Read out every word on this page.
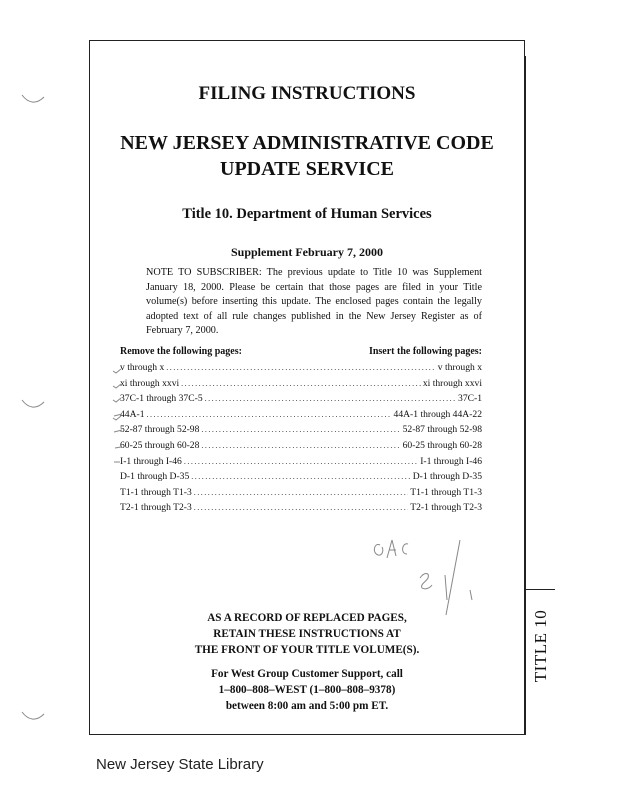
TITLE 10
FILING INSTRUCTIONS
NEW JERSEY ADMINISTRATIVE CODE
UPDATE SERVICE
Title 10. Department of Human Services
Supplement February 7, 2000
NOTE TO SUBSCRIBER: The previous update to Title 10 was Supplement January 18, 2000. Please be certain that those pages are filed in your Title volume(s) before inserting this update. The enclosed pages contain the legally adopted text of all rule changes published in the New Jersey Register as of February 7, 2000.
Remove the following pages:	Insert the following pages:
v through x .....	v through x
xi through xxvi .....	xi through xxvi
37C-1 through 37C-5 .....	37C-1
44A-1 .....	44A-1 through 44A-22
52-87 through 52-98 .....	52-87 through 52-98
60-25 through 60-28 .....	60-25 through 60-28
I-1 through I-46 .....	I-1 through I-46
D-1 through D-35 .....	D-1 through D-35
T1-1 through T1-3 .....	T1-1 through T1-3
T2-1 through T2-3 .....	T2-1 through T2-3
AS A RECORD OF REPLACED PAGES,
RETAIN THESE INSTRUCTIONS AT
THE FRONT OF YOUR TITLE VOLUME(S).
For West Group Customer Support, call
1–800–808–WEST (1–800–808–9378)
between 8:00 am and 5:00 pm ET.
New Jersey State Library
